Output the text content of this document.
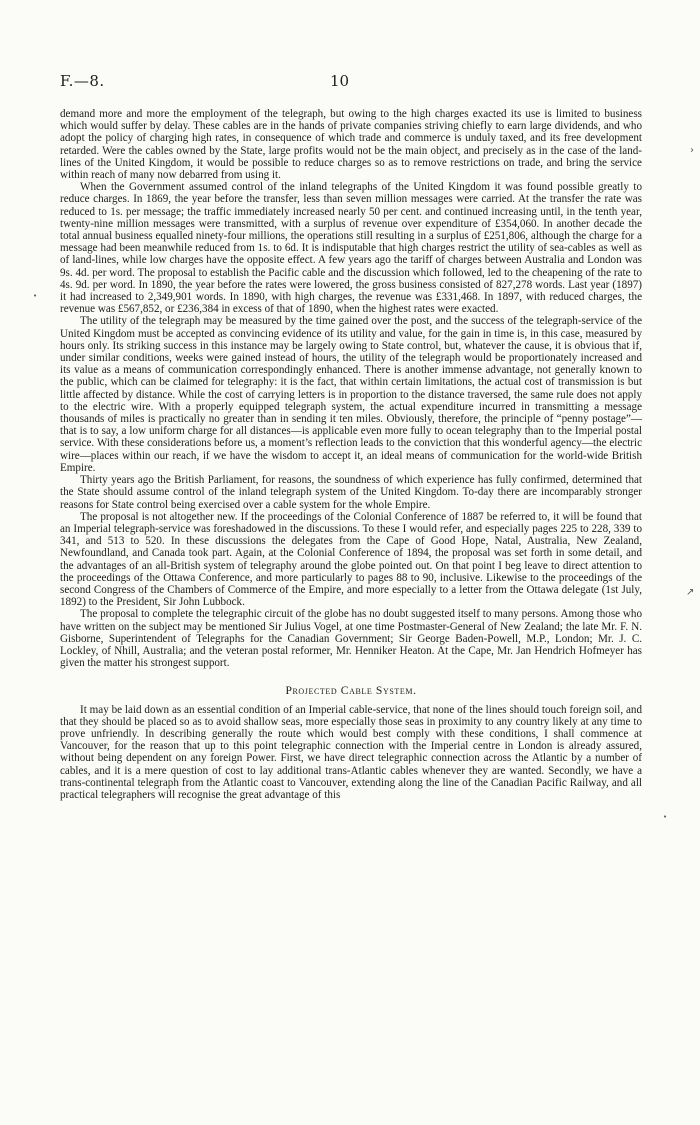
F.—8.	10
•
›
↗
•

demand more and more the employment of the telegraph, but owing to the high charges exacted its use is limited to business which would suffer by delay. These cables are in the hands of private companies striving chiefly to earn large dividends, and who adopt the policy of charging high rates, in consequence of which trade and commerce is unduly taxed, and its free development retarded. Were the cables owned by the State, large profits would not be the main object, and precisely as in the case of the land-lines of the United Kingdom, it would be possible to reduce charges so as to remove restrictions on trade, and bring the service within reach of many now debarred from using it.

When the Government assumed control of the inland telegraphs of the United Kingdom it was found possible greatly to reduce charges. In 1869, the year before the transfer, less than seven million messages were carried. At the transfer the rate was reduced to 1s. per message; the traffic immediately increased nearly 50 per cent. and continued increasing until, in the tenth year, twenty-nine million messages were transmitted, with a surplus of revenue over expenditure of £354,060. In another decade the total annual business equalled ninety-four millions, the operations still resulting in a surplus of £251,806, although the charge for a message had been meanwhile reduced from 1s. to 6d. It is indisputable that high charges restrict the utility of sea-cables as well as of land-lines, while low charges have the opposite effect. A few years ago the tariff of charges between Australia and London was 9s. 4d. per word. The proposal to establish the Pacific cable and the discussion which followed, led to the cheapening of the rate to 4s. 9d. per word. In 1890, the year before the rates were lowered, the gross business consisted of 827,278 words. Last year (1897) it had increased to 2,349,901 words. In 1890, with high charges, the revenue was £331,468. In 1897, with reduced charges, the revenue was £567,852, or £236,384 in excess of that of 1890, when the highest rates were exacted.

The utility of the telegraph may be measured by the time gained over the post, and the success of the telegraph-service of the United Kingdom must be accepted as convincing evidence of its utility and value, for the gain in time is, in this case, measured by hours only. Its striking success in this instance may be largely owing to State control, but, whatever the cause, it is obvious that if, under similar conditions, weeks were gained instead of hours, the utility of the telegraph would be proportionately increased and its value as a means of communication correspondingly enhanced. There is another immense advantage, not generally known to the public, which can be claimed for telegraphy: it is the fact, that within certain limitations, the actual cost of transmission is but little affected by distance. While the cost of carrying letters is in proportion to the distance traversed, the same rule does not apply to the electric wire. With a properly equipped telegraph system, the actual expenditure incurred in transmitting a message thousands of miles is practically no greater than in sending it ten miles. Obviously, therefore, the principle of “penny postage”—that is to say, a low uniform charge for all distances—is applicable even more fully to ocean telegraphy than to the Imperial postal service. With these considerations before us, a moment’s reflection leads to the conviction that this wonderful agency—the electric wire—places within our reach, if we have the wisdom to accept it, an ideal means of communication for the world-wide British Empire.

Thirty years ago the British Parliament, for reasons, the soundness of which experience has fully confirmed, determined that the State should assume control of the inland telegraph system of the United Kingdom. To-day there are incomparably stronger reasons for State control being exercised over a cable system for the whole Empire.

The proposal is not altogether new. If the proceedings of the Colonial Conference of 1887 be referred to, it will be found that an Imperial telegraph-service was foreshadowed in the discussions. To these I would refer, and especially pages 225 to 228, 339 to 341, and 513 to 520. In these discussions the delegates from the Cape of Good Hope, Natal, Australia, New Zealand, Newfoundland, and Canada took part. Again, at the Colonial Conference of 1894, the proposal was set forth in some detail, and the advantages of an all-British system of telegraphy around the globe pointed out. On that point I beg leave to direct attention to the proceedings of the Ottawa Conference, and more particularly to pages 88 to 90, inclusive. Likewise to the proceedings of the second Congress of the Chambers of Commerce of the Empire, and more especially to a letter from the Ottawa delegate (1st July, 1892) to the President, Sir John Lubbock.

The proposal to complete the telegraphic circuit of the globe has no doubt suggested itself to many persons. Among those who have written on the subject may be mentioned Sir Julius Vogel, at one time Postmaster-General of New Zealand; the late Mr. F. N. Gisborne, Superintendent of Telegraphs for the Canadian Government; Sir George Baden-Powell, M.P., London; Mr. J. C. Lockley, of Nhill, Australia; and the veteran postal reformer, Mr. Henniker Heaton. At the Cape, Mr. Jan Hendrich Hofmeyer has given the matter his strongest support.

Projected Cable System.

It may be laid down as an essential condition of an Imperial cable-service, that none of the lines should touch foreign soil, and that they should be placed so as to avoid shallow seas, more especially those seas in proximity to any country likely at any time to prove unfriendly. In describing generally the route which would best comply with these conditions, I shall commence at Vancouver, for the reason that up to this point telegraphic connection with the Imperial centre in London is already assured, without being dependent on any foreign Power. First, we have direct telegraphic connection across the Atlantic by a number of cables, and it is a mere question of cost to lay additional trans-Atlantic cables whenever they are wanted. Secondly, we have a trans-continental telegraph from the Atlantic coast to Vancouver, extending along the line of the Canadian Pacific Railway, and all practical telegraphers will recognise the great advantage of this
